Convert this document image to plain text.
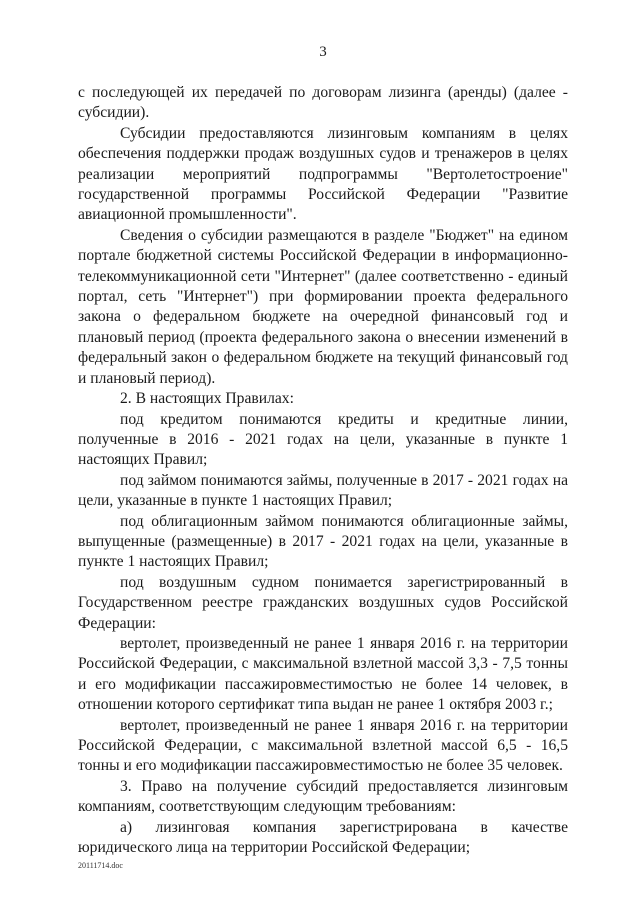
3

с последующей их передачей по договорам лизинга (аренды) (далее - субсидии).

Субсидии предоставляются лизинговым компаниям в целях обеспечения поддержки продаж воздушных судов и тренажеров в целях реализации мероприятий подпрограммы "Вертолетостроение" государственной программы Российской Федерации "Развитие авиационной промышленности".

Сведения о субсидии размещаются в разделе "Бюджет" на едином портале бюджетной системы Российской Федерации в информационно-телекоммуникационной сети "Интернет" (далее соответственно - единый портал, сеть "Интернет") при формировании проекта федерального закона о федеральном бюджете на очередной финансовый год и плановый период (проекта федерального закона о внесении изменений в федеральный закон о федеральном бюджете на текущий финансовый год и плановый период).

2. В настоящих Правилах:

под кредитом понимаются кредиты и кредитные линии, полученные в 2016 - 2021 годах на цели, указанные в пункте 1 настоящих Правил;

под займом понимаются займы, полученные в 2017 - 2021 годах на цели, указанные в пункте 1 настоящих Правил;

под облигационным займом понимаются облигационные займы, выпущенные (размещенные) в 2017 - 2021 годах на цели, указанные в пункте 1 настоящих Правил;

под воздушным судном понимается зарегистрированный в Государственном реестре гражданских воздушных судов Российской Федерации:

вертолет, произведенный не ранее 1 января 2016 г. на территории Российской Федерации, с максимальной взлетной массой 3,3 - 7,5 тонны и его модификации пассажировместимостью не более 14 человек, в отношении которого сертификат типа выдан не ранее 1 октября 2003 г.;

вертолет, произведенный не ранее 1 января 2016 г. на территории Российской Федерации, с максимальной взлетной массой 6,5 - 16,5 тонны и его модификации пассажировместимостью не более 35 человек.

3. Право на получение субсидий предоставляется лизинговым компаниям, соответствующим следующим требованиям:

а) лизинговая компания зарегистрирована в качестве юридического лица на территории Российской Федерации;

20111714.doc
